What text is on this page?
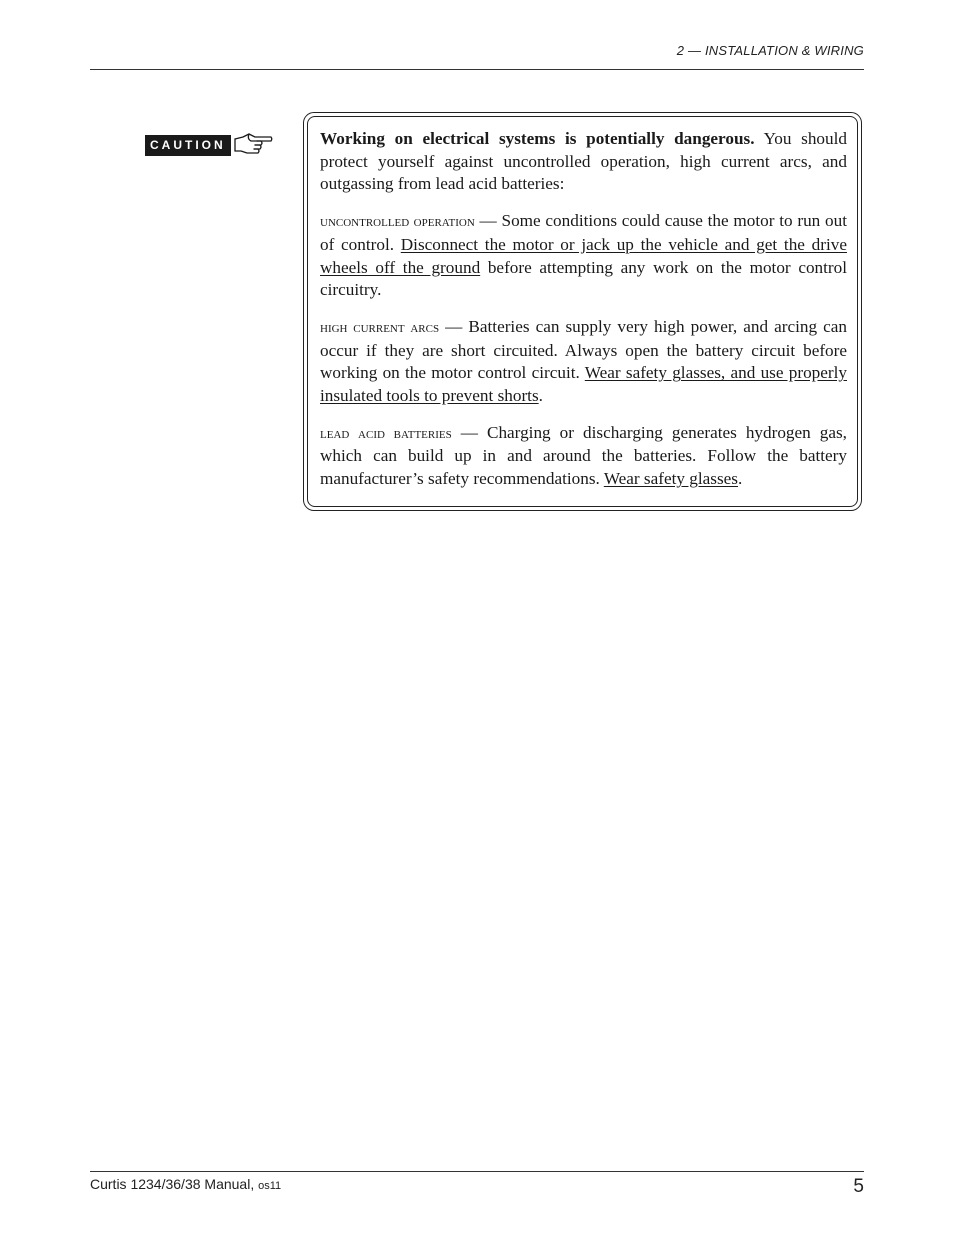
2 — INSTALLATION & WIRING
CAUTION	Working on electrical systems is potentially dangerous. You should protect yourself against uncontrolled operation, high current arcs, and outgassing from lead acid batteries:

uncontrolled operation — Some conditions could cause the motor to run out of control. Disconnect the motor or jack up the vehicle and get the drive wheels off the ground before attempting any work on the motor control circuitry.

high current arcs — Batteries can supply very high power, and arcing can occur if they are short circuited. Always open the battery circuit before working on the motor control circuit. Wear safety glasses, and use properly insulated tools to prevent shorts.

lead acid batteries — Charging or discharging generates hydrogen gas, which can build up in and around the batteries. Follow the battery manufacturer’s safety recommendations. Wear safety glasses.

Curtis 1234/36/38 Manual, os11	5
